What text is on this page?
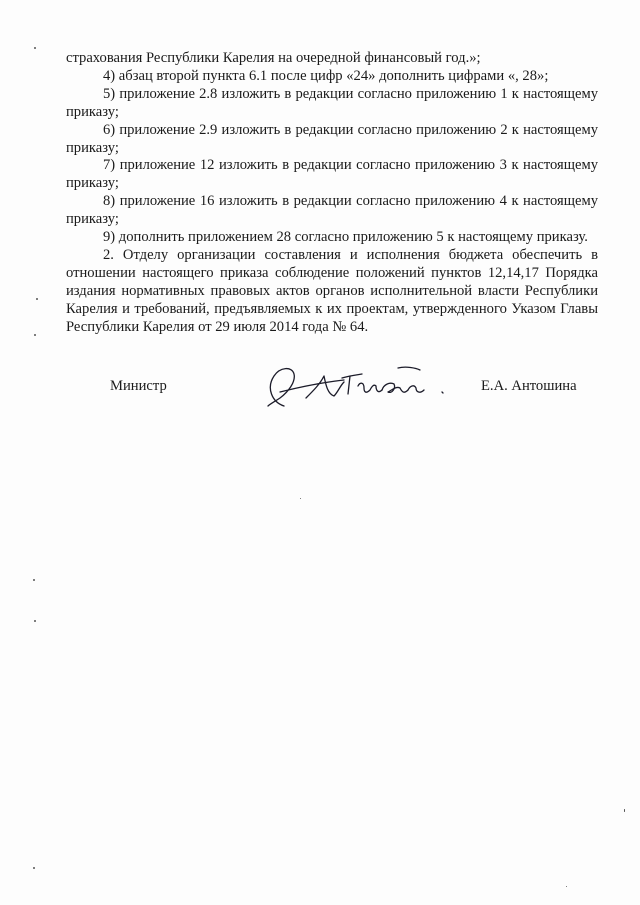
страхования Республики Карелия на очередной финансовый год.»;

4) абзац второй пункта 6.1 после цифр «24» дополнить цифрами «, 28»;

5) приложение 2.8 изложить в редакции согласно приложению 1 к настоящему приказу;

6) приложение 2.9 изложить в редакции согласно приложению 2 к настоящему приказу;

7) приложение 12 изложить в редакции согласно приложению 3 к настоящему приказу;

8) приложение 16 изложить в редакции согласно приложению 4 к настоящему приказу;

9) дополнить приложением 28 согласно приложению 5 к настоящему приказу.

2. Отделу организации составления и исполнения бюджета обеспечить в отношении настоящего приказа соблюдение положений пунктов 12,14,17 Порядка издания нормативных правовых актов органов исполнительной власти Республики Карелия и требований, предъявляемых к их проектам, утвержденного Указом Главы Республики Карелия от 29 июля 2014 года № 64.

Министр	Е.А. Антошина
